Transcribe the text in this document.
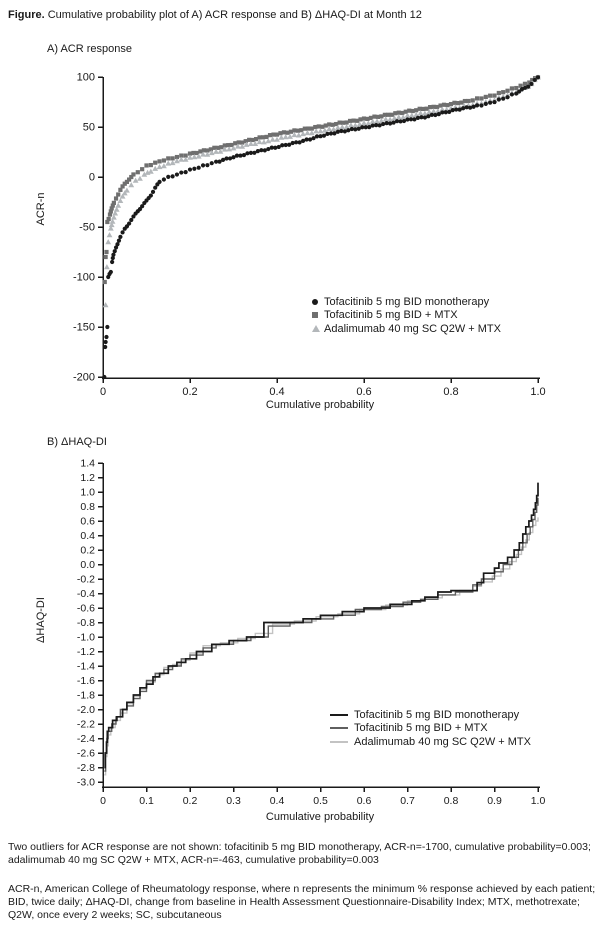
100
50
0
-50
-100
-150
-200
0	0.2	0.4	0.6	0.8	1.0
1.4
1.2
1.0
0.8
0.6
0.4
0.2
0.0
-0.2
-0.4
-0.6
-0.8
-1.0
-1.2
-1.4
-1.6
-1.8
-2.0
-2.2
-2.4
-2.6
-2.8
-3.0
0	0.1	0.2	0.3	0.4	0.5	0.6	0.7	0.8	0.9	1.0
Figure. Cumulative probability plot of A) ACR response and B) ΔHAQ-DI at Month 12
A) ACR response
B) ΔHAQ-DI
ACR-n
Cumulative probability
ΔHAQ-DI
Cumulative probability
Tofacitinib 5 mg BID monotherapy
Tofacitinib 5 mg BID + MTX
Adalimumab 40 mg SC Q2W + MTX
Tofacitinib 5 mg BID monotherapy
Tofacitinib 5 mg BID + MTX
Adalimumab 40 mg SC Q2W + MTX
Two outliers for ACR response are not shown: tofacitinib 5 mg BID monotherapy, ACR-n=-1700, cumulative probability=0.003; adalimumab 40 mg SC Q2W + MTX, ACR-n=-463, cumulative probability=0.003
ACR-n, American College of Rheumatology response, where n represents the minimum % response achieved by each patient; BID, twice daily; ΔHAQ-DI, change from baseline in Health Assessment Questionnaire-Disability Index; MTX, methotrexate; Q2W, once every 2 weeks; SC, subcutaneous
